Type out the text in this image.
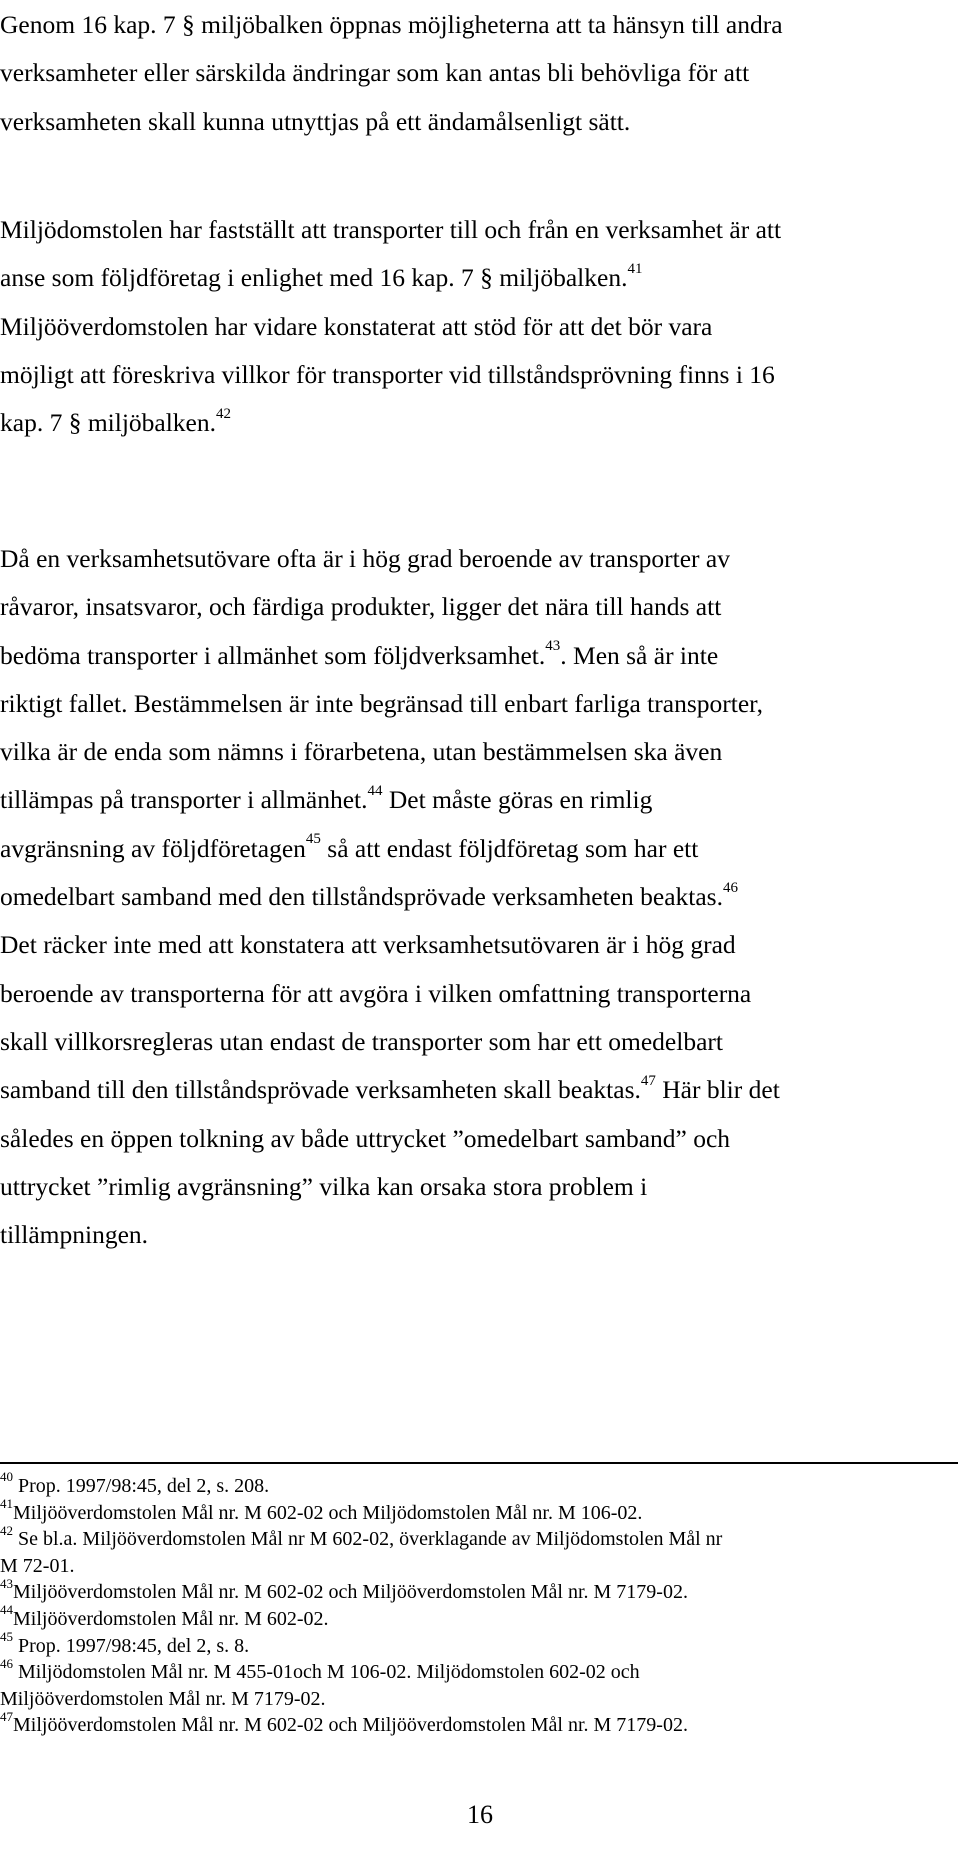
Genom 16 kap. 7 § miljöbalken öppnas möjligheterna att ta hänsyn till andra
verksamheter eller särskilda ändringar som kan antas bli behövliga för att
verksamheten skall kunna utnyttjas på ett ändamålsenligt sätt.

Miljödomstolen har fastställt att transporter till och från en verksamhet är att
anse som följdföretag i enlighet med 16 kap. 7 § miljöbalken.$^{41}$
Miljööverdomstolen har vidare konstaterat att stöd för att det bör vara
möjligt att föreskriva villkor för transporter vid tillståndsprövning finns i 16
kap. 7 § miljöbalken.$^{42}$

Då en verksamhetsutövare ofta är i hög grad beroende av transporter av
råvaror, insatsvaror, och färdiga produkter, ligger det nära till hands att
bedöma transporter i allmänhet som följdverksamhet.$^{43}$. Men så är inte
riktigt fallet. Bestämmelsen är inte begränsad till enbart farliga transporter,
vilka är de enda som nämns i förarbetena, utan bestämmelsen ska även
tillämpas på transporter i allmänhet.$^{44}$ Det måste göras en rimlig
avgränsning av följdföretagen$^{45}$ så att endast följdföretag som har ett
omedelbart samband med den tillståndsprövade verksamheten beaktas.$^{46}$
Det räcker inte med att konstatera att verksamhetsutövaren är i hög grad
beroende av transporterna för att avgöra i vilken omfattning transporterna
skall villkorsregleras utan endast de transporter som har ett omedelbart
samband till den tillståndsprövade verksamheten skall beaktas.$^{47}$ Här blir det
således en öppen tolkning av både uttrycket ”omedelbart samband” och
uttrycket ”rimlig avgränsning” vilka kan orsaka stora problem i
tillämpningen.

$^{40}$ Prop. 1997/98:45, del 2, s. 208.
$^{41}$Miljööverdomstolen Mål nr. M 602-02 och Miljödomstolen Mål nr. M 106-02.
$^{42}$ Se bl.a. Miljööverdomstolen Mål nr M 602-02, överklagande av Miljödomstolen Mål nr
M 72-01.
$^{43}$Miljööverdomstolen Mål nr. M 602-02 och Miljööverdomstolen Mål nr. M 7179-02.
$^{44}$Miljööverdomstolen Mål nr. M 602-02.
$^{45}$ Prop. 1997/98:45, del 2, s. 8.
$^{46}$ Miljödomstolen Mål nr. M 455-01och M 106-02. Miljödomstolen 602-02 och
Miljööverdomstolen Mål nr. M 7179-02.
$^{47}$Miljööverdomstolen Mål nr. M 602-02 och Miljööverdomstolen Mål nr. M 7179-02.
16
